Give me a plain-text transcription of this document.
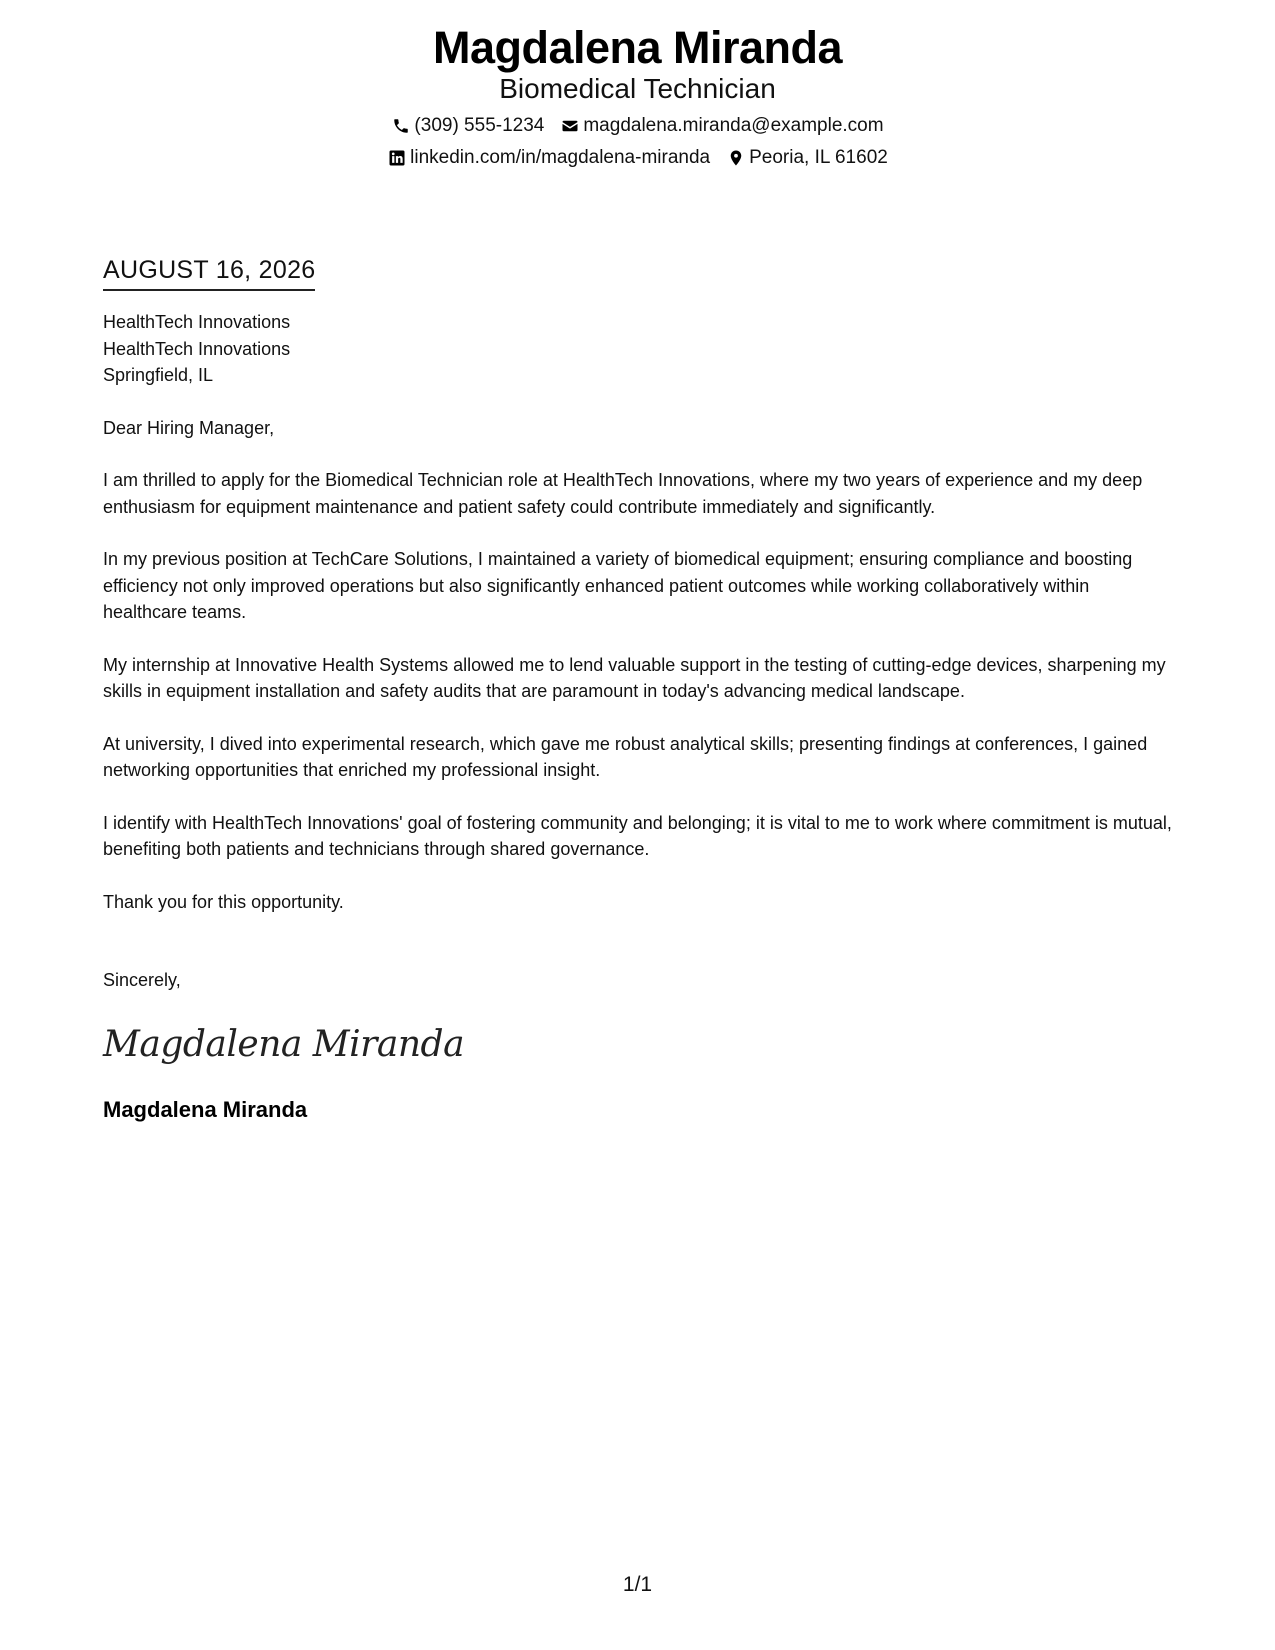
Magdalena Miranda
Biomedical Technician
(309) 555-1234 magdalena.miranda@example.com
linkedin.com/in/magdalena-miranda Peoria, IL 61602
AUGUST 16, 2026
HealthTech Innovations
HealthTech Innovations
Springfield, IL
Dear Hiring Manager,
I am thrilled to apply for the Biomedical Technician role at HealthTech Innovations, where my two years of experience and my deep enthusiasm for equipment maintenance and patient safety could contribute immediately and significantly.
In my previous position at TechCare Solutions, I maintained a variety of biomedical equipment; ensuring compliance and boosting efficiency not only improved operations but also significantly enhanced patient outcomes while working collaboratively within healthcare teams.
My internship at Innovative Health Systems allowed me to lend valuable support in the testing of cutting-edge devices, sharpening my skills in equipment installation and safety audits that are paramount in today's advancing medical landscape.
At university, I dived into experimental research, which gave me robust analytical skills; presenting findings at conferences, I gained networking opportunities that enriched my professional insight.
I identify with HealthTech Innovations' goal of fostering community and belonging; it is vital to me to work where commitment is mutual, benefiting both patients and technicians through shared governance.
Thank you for this opportunity.
Sincerely,
Magdalena Miranda
Magdalena Miranda
1/1
